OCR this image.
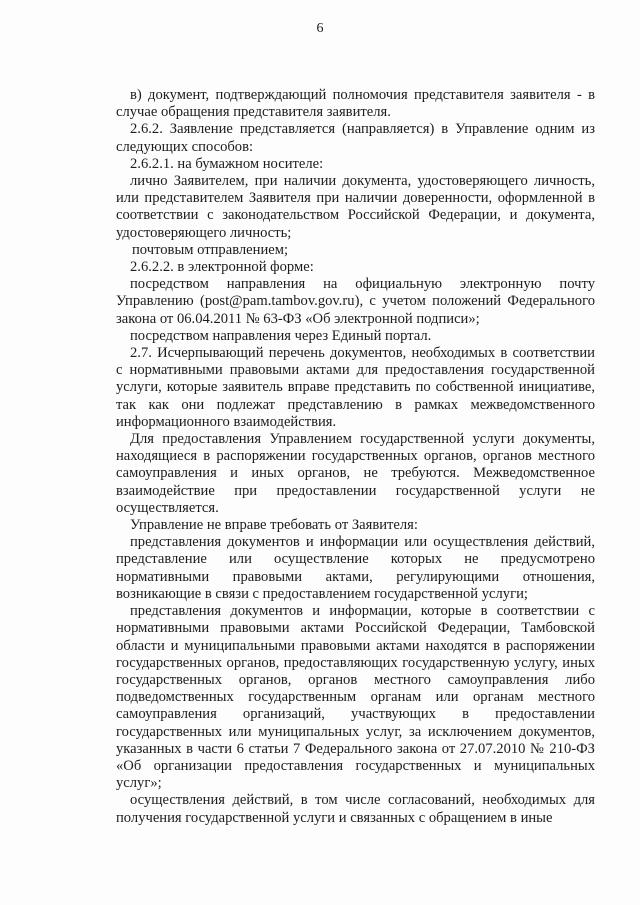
6

в) документ, подтверждающий полномочия представителя заявителя - в случае обращения представителя заявителя.

2.6.2. Заявление представляется (направляется) в Управление одним из следующих способов:

2.6.2.1. на бумажном носителе:

лично Заявителем, при наличии документа, удостоверяющего личность, или представителем Заявителя при наличии доверенности, оформленной в соответствии с законодательством Российской Федерации, и документа, удостоверяющего личность;

почтовым отправлением;

2.6.2.2. в электронной форме:

посредством направления на официальную электронную почту Управлению (post@pam.tambov.gov.ru), с учетом положений Федерального закона от 06.04.2011 № 63-ФЗ «Об электронной подписи»;

посредством направления через Единый портал.

2.7. Исчерпывающий перечень документов, необходимых в соответствии с нормативными правовыми актами для предоставления государственной услуги, которые заявитель вправе представить по собственной инициативе, так как они подлежат представлению в рамках межведомственного информационного взаимодействия.

Для предоставления Управлением государственной услуги документы, находящиеся в распоряжении государственных органов, органов местного самоуправления и иных органов, не требуются. Межведомственное взаимодействие при предоставлении государственной услуги не осуществляется.

Управление не вправе требовать от Заявителя:

представления документов и информации или осуществления действий, представление или осуществление которых не предусмотрено нормативными правовыми актами, регулирующими отношения, возникающие в связи с предоставлением государственной услуги;

представления документов и информации, которые в соответствии с нормативными правовыми актами Российской Федерации, Тамбовской области и муниципальными правовыми актами находятся в распоряжении государственных органов, предоставляющих государственную услугу, иных государственных органов, органов местного самоуправления либо подведомственных государственным органам или органам местного самоуправления организаций, участвующих в предоставлении государственных или муниципальных услуг, за исключением документов, указанных в части 6 статьи 7 Федерального закона от 27.07.2010 № 210-ФЗ «Об организации предоставления государственных и муниципальных услуг»;

осуществления действий, в том числе согласований, необходимых для получения государственной услуги и связанных с обращением в иные
